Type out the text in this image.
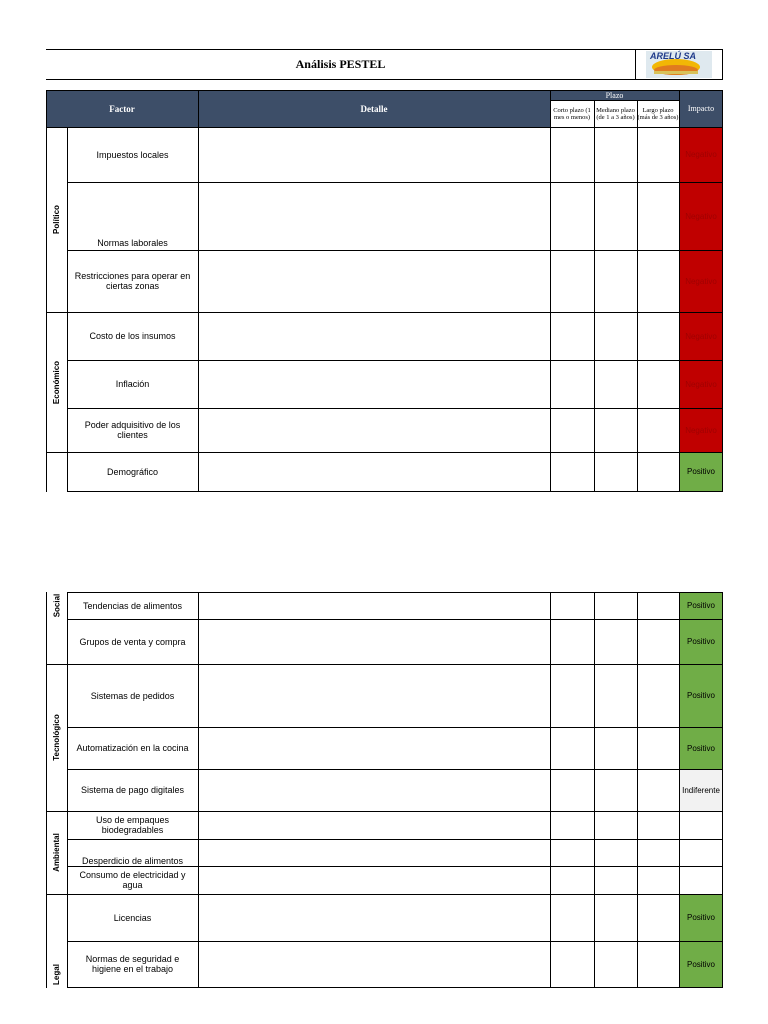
Análisis PESTEL
ARELÚ SA
Factor	Detalle
Plazo
Corto plazo (1 mes o menos)
Mediano plazo (de 1 a 3 años)
Largo plazo (más de 3 años)
Impacto
Político
Económico
Impuestos locales
Normas laborales
Restricciones para operar en ciertas zonas
Costo de los insumos
Inflación
Poder adquisitivo de los clientes
Demográfico
Negativo
Negativo
Negativo
Negativo
Negativo
Negativo
Positivo
Social
Tecnológico
Ambiental
Legal
Tendencias de alimentos
Grupos de venta y compra
Sistemas de pedidos
Automatización en la cocina
Sistema de pago digitales
Uso de empaques biodegradables
Desperdicio de alimentos
Consumo de electricidad y agua
Licencias
Normas de seguridad e higiene en el trabajo
Positivo
Positivo
Positivo
Positivo
Indiferente
Positivo
Positivo
